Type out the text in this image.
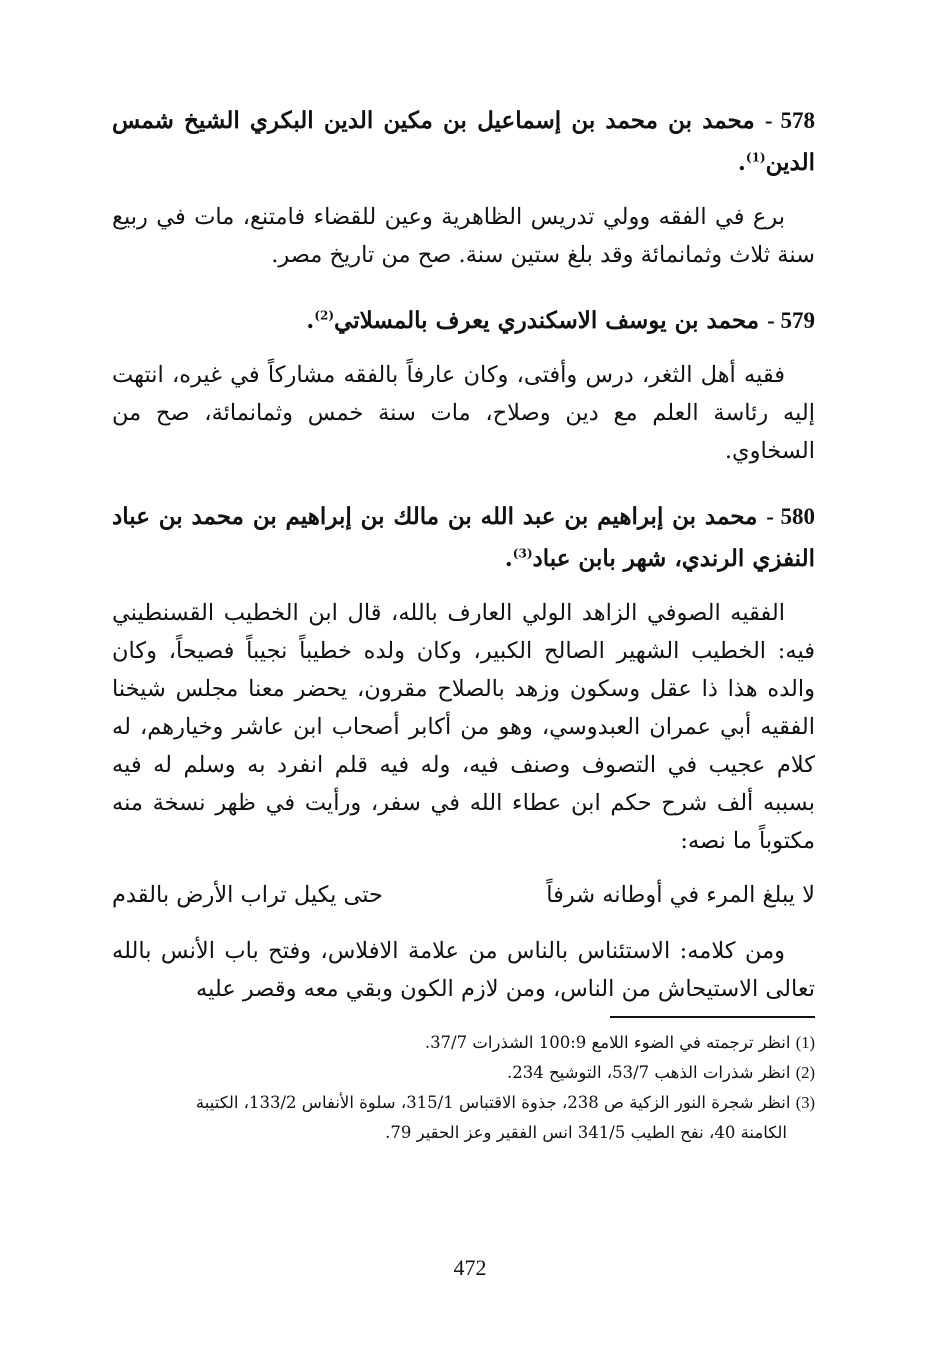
578 - محمد بن محمد بن إسماعيل بن مكين الدين البكري الشيخ شمس الدين$^{(1)}$.

برع في الفقه وولي تدريس الظاهرية وعين للقضاء فامتنع، مات في ربيع سنة ثلاث وثمانمائة وقد بلغ ستين سنة. صح من تاريخ مصر.

579 - محمد بن يوسف الاسكندري يعرف بالمسلاتي$^{(2)}$.

فقيه أهل الثغر، درس وأفتى، وكان عارفاً بالفقه مشاركاً في غيره، انتهت إليه رئاسة العلم مع دين وصلاح، مات سنة خمس وثمانمائة، صح من السخاوي.

580 - محمد بن إبراهيم بن عبد الله بن مالك بن إبراهيم بن محمد بن عباد النفزي الرندي، شهر بابن عباد$^{(3)}$.

الفقيه الصوفي الزاهد الولي العارف بالله، قال ابن الخطيب القسنطيني فيه: الخطيب الشهير الصالح الكبير، وكان ولده خطيباً نجيباً فصيحاً، وكان والده هذا ذا عقل وسكون وزهد بالصلاح مقرون، يحضر معنا مجلس شيخنا الفقيه أبي عمران العبدوسي، وهو من أكابر أصحاب ابن عاشر وخيارهم، له كلام عجيب في التصوف وصنف فيه، وله فيه قلم انفرد به وسلم له فيه بسببه ألف شرح حكم ابن عطاء الله في سفر، ورأيت في ظهر نسخة منه مكتوباً ما نصه:

لا يبلغ المرء في أوطانه شرفاً
حتى يكيل تراب الأرض بالقدم

ومن كلامه: الاستئناس بالناس من علامة الافلاس، وفتح باب الأنس بالله تعالى الاستيحاش من الناس، ومن لازم الكون وبقي معه وقصر عليه

(1) انظر ترجمته في الضوء اللامع 100:9 الشذرات 37/7.

(2) انظر شذرات الذهب 53/7، التوشيح 234.

(3) انظر شجرة النور الزكية ص 238، جذوة الاقتباس 315/1، سلوة الأنفاس 133/2، الكتيبة

الكامنة 40، نفح الطيب 341/5 انس الفقير وعز الحقير 79.

472
